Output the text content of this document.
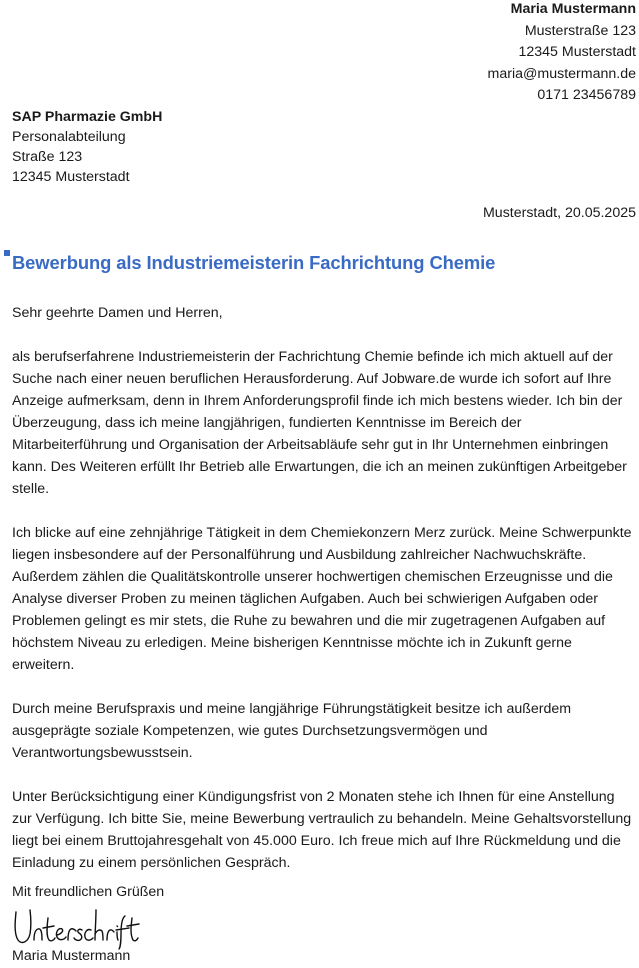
Maria Mustermann
Musterstraße 123
12345 Musterstadt
maria@mustermann.de
0171 23456789
SAP Pharmazie GmbH
Personalabteilung
Straße 123
12345 Musterstadt
Musterstadt, 20.05.2025
Bewerbung als Industriemeisterin Fachrichtung Chemie

Sehr geehrte Damen und Herren,

als berufserfahrene Industriemeisterin der Fachrichtung Chemie befinde ich mich aktuell auf der Suche nach einer neuen beruflichen Herausforderung. Auf Jobware.de wurde ich sofort auf Ihre Anzeige aufmerksam, denn in Ihrem Anforderungsprofil finde ich mich bestens wieder. Ich bin der Überzeugung, dass ich meine langjährigen, fundierten Kenntnisse im Bereich der Mitarbeiterführung und Organisation der Arbeitsabläufe sehr gut in Ihr Unternehmen einbringen kann. Des Weiteren erfüllt Ihr Betrieb alle Erwartungen, die ich an meinen zukünftigen Arbeitgeber stelle.

Ich blicke auf eine zehnjährige Tätigkeit in dem Chemiekonzern Merz zurück. Meine Schwerpunkte liegen insbesondere auf der Personalführung und Ausbildung zahlreicher Nachwuchskräfte. Außerdem zählen die Qualitätskontrolle unserer hochwertigen chemischen Erzeugnisse und die Analyse diverser Proben zu meinen täglichen Aufgaben. Auch bei schwierigen Aufgaben oder Problemen gelingt es mir stets, die Ruhe zu bewahren und die mir zugetragenen Aufgaben auf höchstem Niveau zu erledigen. Meine bisherigen Kenntnisse möchte ich in Zukunft gerne erweitern.

Durch meine Berufspraxis und meine langjährige Führungstätigkeit besitze ich außerdem ausgeprägte soziale Kompetenzen, wie gutes Durchsetzungsvermögen und Verantwortungsbewusstsein.

Unter Berücksichtigung einer Kündigungsfrist von 2 Monaten stehe ich Ihnen für eine Anstellung zur Verfügung. Ich bitte Sie, meine Bewerbung vertraulich zu behandeln. Meine Gehaltsvorstellung liegt bei einem Bruttojahresgehalt von 45.000 Euro. Ich freue mich auf Ihre Rückmeldung und die Einladung zu einem persönlichen Gespräch.

Mit freundlichen Grüßen
Maria Mustermann
